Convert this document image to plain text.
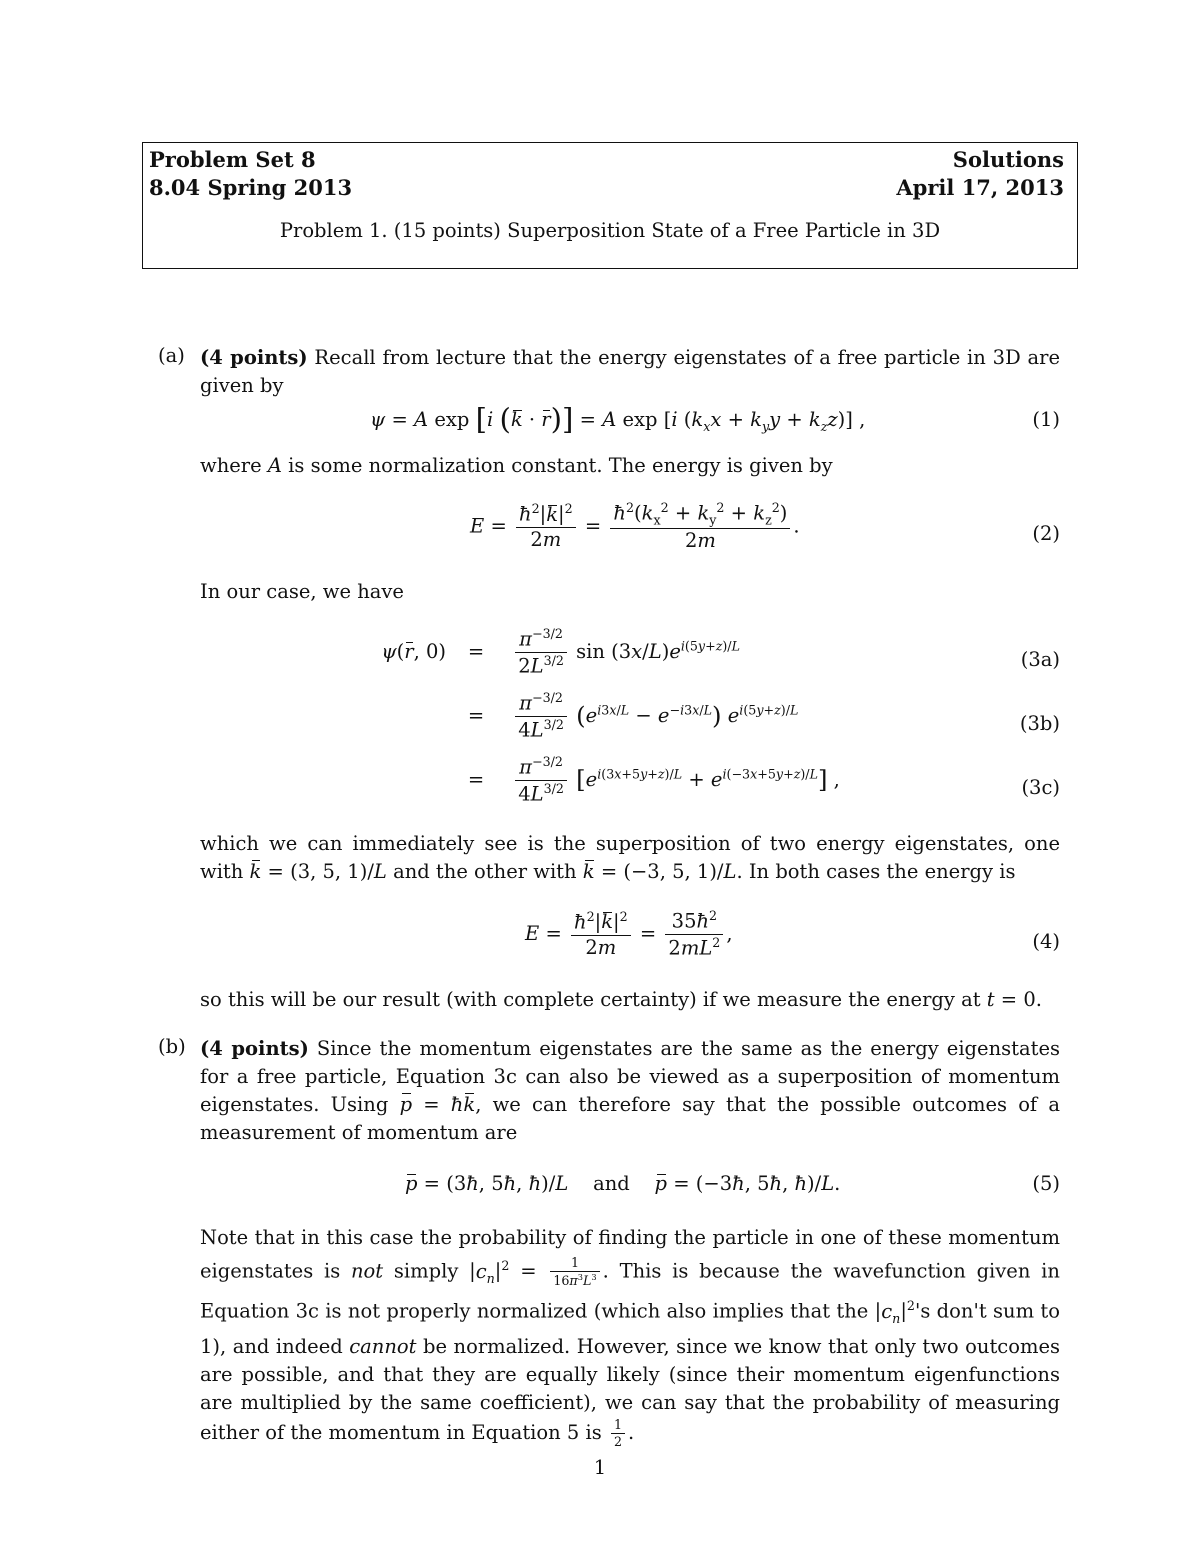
Problem Set 8
8.04 Spring 2013
Solutions
April 17, 2013
Problem 1. (15 points) Superposition State of a Free Particle in 3D
(a) (4 points) Recall from lecture that the energy eigenstates of a free particle in 3D are given by
ψ = A exp [i (k · r)] = A exp [i $(k_xx + k_yy + k_zz)$] ,	(1)
where A is some normalization constant. The energy is given by
$E = \frac{ħ^2|k|^2}{2m} = \frac{ħ^2(k_x^2 + k_y^2 + k_z^2)}{2m}$ .	(2)
In our case, we have
ψ(r, $0) = \frac{\pi^{-3/2}}{2L^{3/2}}$ $\sin (3x/L)e^{i(5y+z)/L}$
(3a)
= $\frac{\pi^{-3/2}}{4L^{3/2}} (e^{i3x/L} - e^{-i3x/L})$ $e^{i(5y+z)/L}$
(3b)
= $\frac{\pi^{-3/2}}{4L^{3/2}} [e^{i(3x+5y+z)/L} + e^{i(-3x+5y+z)/L}]$ ,	(3c)
which we can immediately see is the superposition of two energy eigenstates, one with k = (3, 5, 1)/L and the other with k = (−3, 5, 1)/L. In both cases the energy is
$E = \frac{ħ^2|k|^2}{2m} = \frac{35ħ^2}{2mL^2}$ ,	(4)
so this will be our result (with complete certainty) if we measure the energy at t = 0.
(b) (4 points) Since the momentum eigenstates are the same as the energy eigenstates for a free particle, Equation 3c can also be viewed as a superposition of momentum eigenstates. Using p = ħk, we can therefore say that the possible outcomes of a measurement of momentum are
p = (3ħ, 5ħ, ħ)/L and p = (−3ħ, 5ħ, ħ)/L.	(5)
Note that in this case the probability of finding the particle in one of these momentum eigenstates is not simply $|c_n|^2 = \frac{1}{16\pi^3L^3}$ . This is because the wavefunction given in Equation 3c is not properly normalized (which also implies that the $|c_n|^2's$ don't sum to 1), and indeed cannot be normalized. However, since we know that only two outcomes are possible, and that they are equally likely (since their momentum eigenfunctions are multiplied by the same coefficient), we can say that the probability of measuring either of the momentum in Equation 5 is $\frac{1}{2}$ .
1
